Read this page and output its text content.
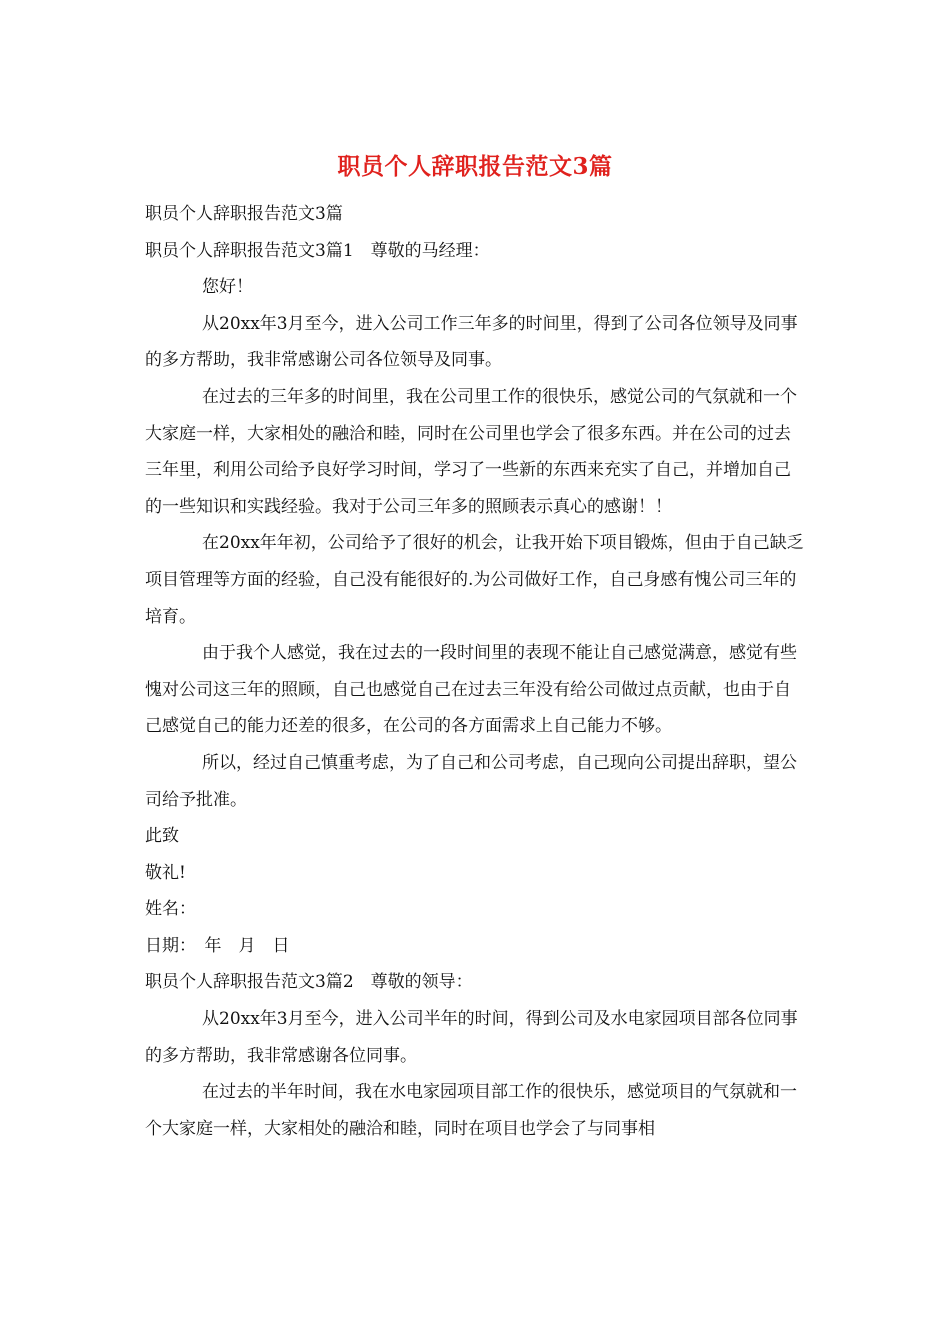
职员个人辞职报告范文3篇

职员个人辞职报告范文3篇

职员个人辞职报告范文3篇1　尊敬的马经理：

您好！

从20xx年3月至今，进入公司工作三年多的时间里，得到了公司各位领导及同事的多方帮助，我非常感谢公司各位领导及同事。

在过去的三年多的时间里，我在公司里工作的很快乐，感觉公司的气氛就和一个大家庭一样，大家相处的融洽和睦，同时在公司里也学会了很多东西。并在公司的过去三年里，利用公司给予良好学习时间，学习了一些新的东西来充实了自己，并增加自己的一些知识和实践经验。我对于公司三年多的照顾表示真心的感谢！！

在20xx年年初，公司给予了很好的机会，让我开始下项目锻炼，但由于自己缺乏项目管理等方面的经验，自己没有能很好的.为公司做好工作，自己身感有愧公司三年的培育。

由于我个人感觉，我在过去的一段时间里的表现不能让自己感觉满意，感觉有些愧对公司这三年的照顾，自己也感觉自己在过去三年没有给公司做过点贡献，也由于自己感觉自己的能力还差的很多，在公司的各方面需求上自己能力不够。

所以，经过自己慎重考虑，为了自己和公司考虑，自己现向公司提出辞职，望公司给予批准。

此致

敬礼!

姓名：

日期：　年　月　日

职员个人辞职报告范文3篇2　尊敬的领导：

从20xx年3月至今，进入公司半年的时间，得到公司及水电家园项目部各位同事的多方帮助，我非常感谢各位同事。

在过去的半年时间，我在水电家园项目部工作的很快乐，感觉项目的气氛就和一个大家庭一样，大家相处的融洽和睦，同时在项目也学会了与同事相
